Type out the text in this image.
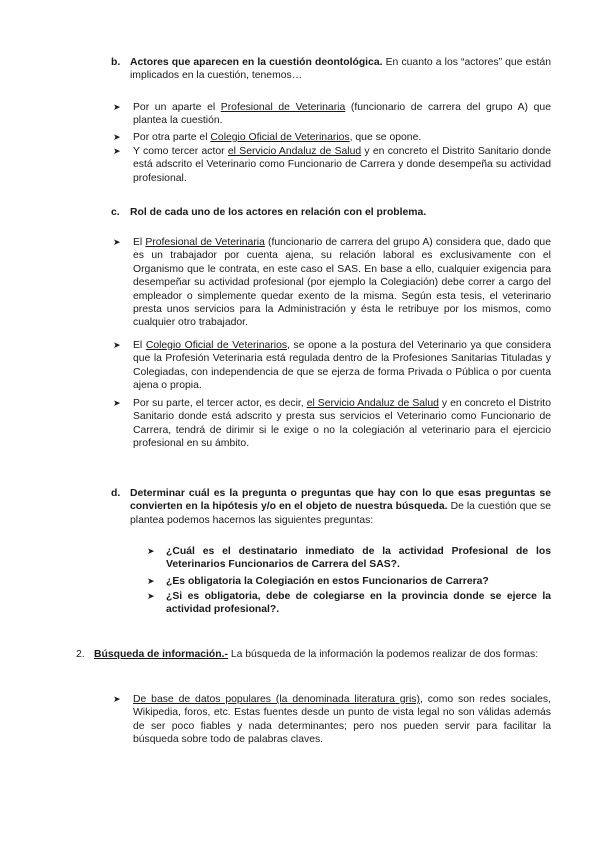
b. Actores que aparecen en la cuestión deontológica. En cuanto a los “actores” que están implicados en la cuestión, tenemos…

➤ Por un aparte el Profesional de Veterinaria (funcionario de carrera del grupo A) que plantea la cuestión.

➤ Por otra parte el Colegio Oficial de Veterinarios, que se opone.

➤ Y como tercer actor el Servicio Andaluz de Salud y en concreto el Distrito Sanitario donde está adscrito el Veterinario como Funcionario de Carrera y donde desempeña su actividad profesional.

c. Rol de cada uno de los actores en relación con el problema.

➤ El Profesional de Veterinaria (funcionario de carrera del grupo A) considera que, dado que es un trabajador por cuenta ajena, su relación laboral es exclusivamente con el Organismo que le contrata, en este caso el SAS. En base a ello, cualquier exigencia para desempeñar su actividad profesional (por ejemplo la Colegiación) debe correr a cargo del empleador o simplemente quedar exento de la misma. Según esta tesis, el veterinario presta unos servicios para la Administración y ésta le retribuye por los mismos, como cualquier otro trabajador.

➤ El Colegio Oficial de Veterinarios, se opone a la postura del Veterinario ya que considera que la Profesión Veterinaria está regulada dentro de la Profesiones Sanitarias Tituladas y Colegiadas, con independencia de que se ejerza de forma Privada o Pública o por cuenta ajena o propia.

➤ Por su parte, el tercer actor, es decir, el Servicio Andaluz de Salud y en concreto el Distrito Sanitario donde está adscrito y presta sus servicios el Veterinario como Funcionario de Carrera, tendrá de dirimir si le exige o no la colegiación al veterinario para el ejercicio profesional en su ámbito.

d. Determinar cuál es la pregunta o preguntas que hay con lo que esas preguntas se convierten en la hipótesis y/o en el objeto de nuestra búsqueda. De la cuestión que se plantea podemos hacernos las siguientes preguntas:

➤ ¿Cuál es el destinatario inmediato de la actividad Profesional de los Veterinarios Funcionarios de Carrera del SAS?.

➤ ¿Es obligatoria la Colegiación en estos Funcionarios de Carrera?

➤ ¿Si es obligatoria, debe de colegiarse en la provincia donde se ejerce la actividad profesional?.

2. Búsqueda de información.- La búsqueda de la información la podemos realizar de dos formas:

➤ De base de datos populares (la denominada literatura gris), como son redes sociales, Wikipedia, foros, etc. Estas fuentes desde un punto de vista legal no son válidas además de ser poco fiables y nada determinantes; pero nos pueden servir para facilitar la búsqueda sobre todo de palabras claves.
